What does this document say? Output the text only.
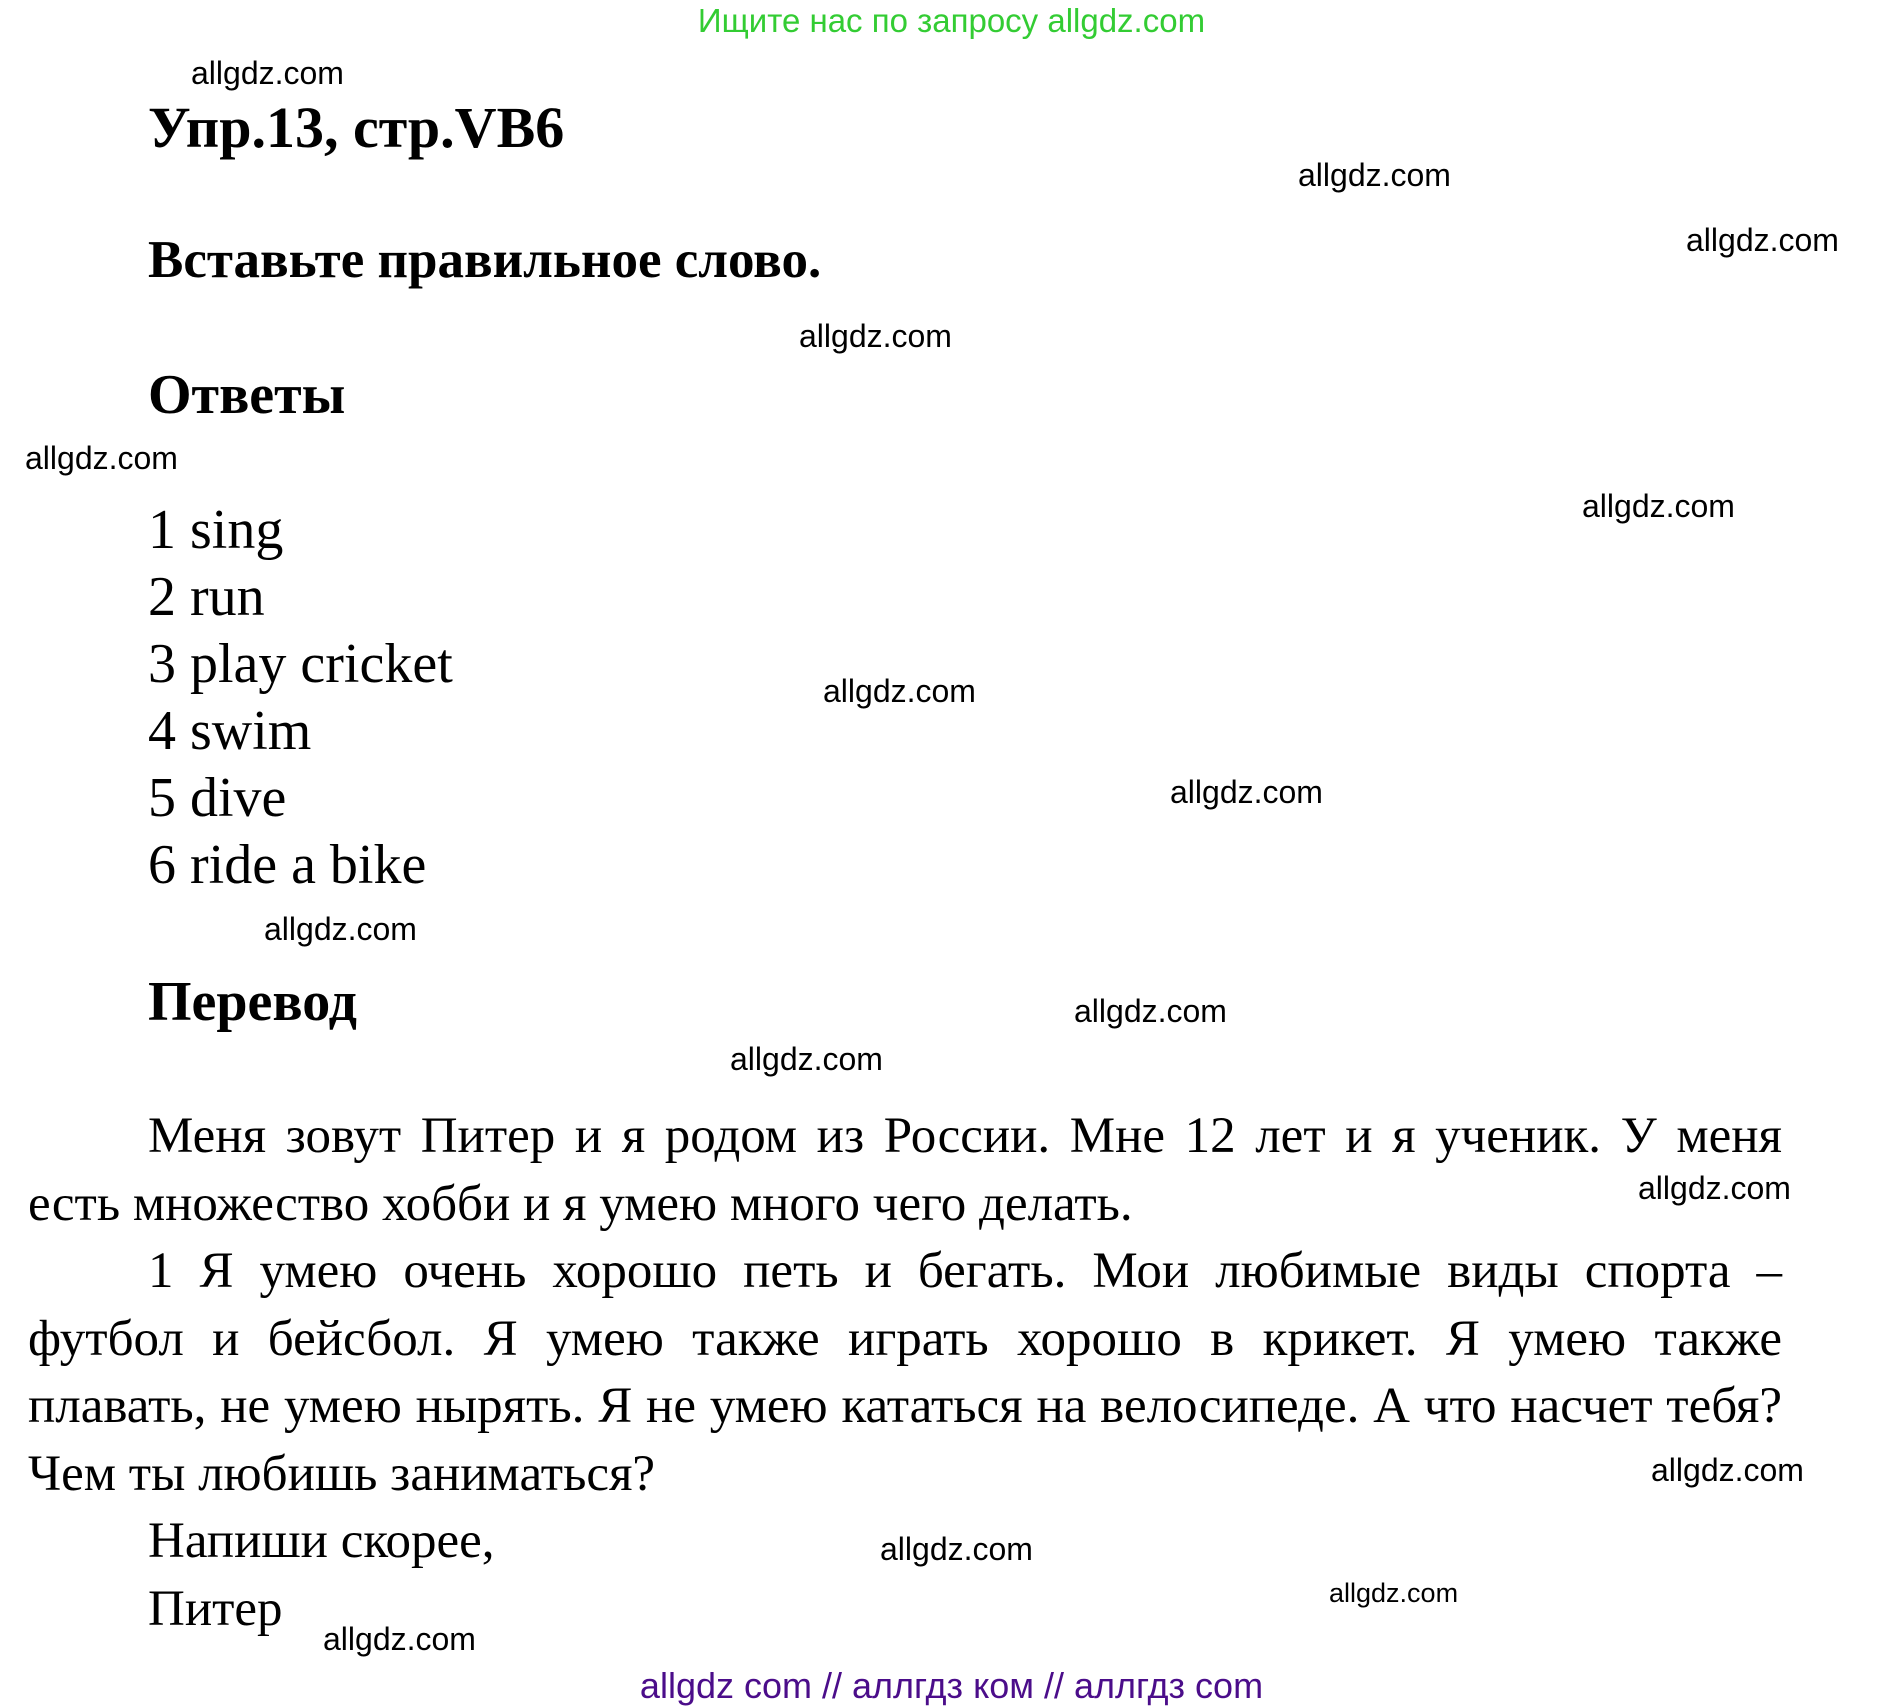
Ищите нас по запросу allgdz.com
Упр.13, стр.VB6
Вставьте правильное слово.
Ответы
1 sing
2 run
3 play cricket
4 swim
5 dive
6 ride a bike
Перевод

Меня зовут Питер и я родом из России. Мне 12 лет и я ученик. У меня есть множество хобби и я умею много чего делать.

1 Я умею очень хорошо петь и бегать. Мои любимые виды спорта – футбол и бейсбол. Я умею также играть хорошо в крикет. Я умею также плавать, не умею нырять. Я не умею кататься на велосипеде. А что насчет тебя? Чем ты любишь заниматься?

Напиши скорее,

Питер

allgdz.com
allgdz.com
allgdz.com
allgdz.com
allgdz.com
allgdz.com
allgdz.com
allgdz.com
allgdz.com
allgdz.com
allgdz.com
allgdz.com
allgdz.com
allgdz.com
allgdz.com
allgdz.com
allgdz com // аллгдз ком // аллгдз com
